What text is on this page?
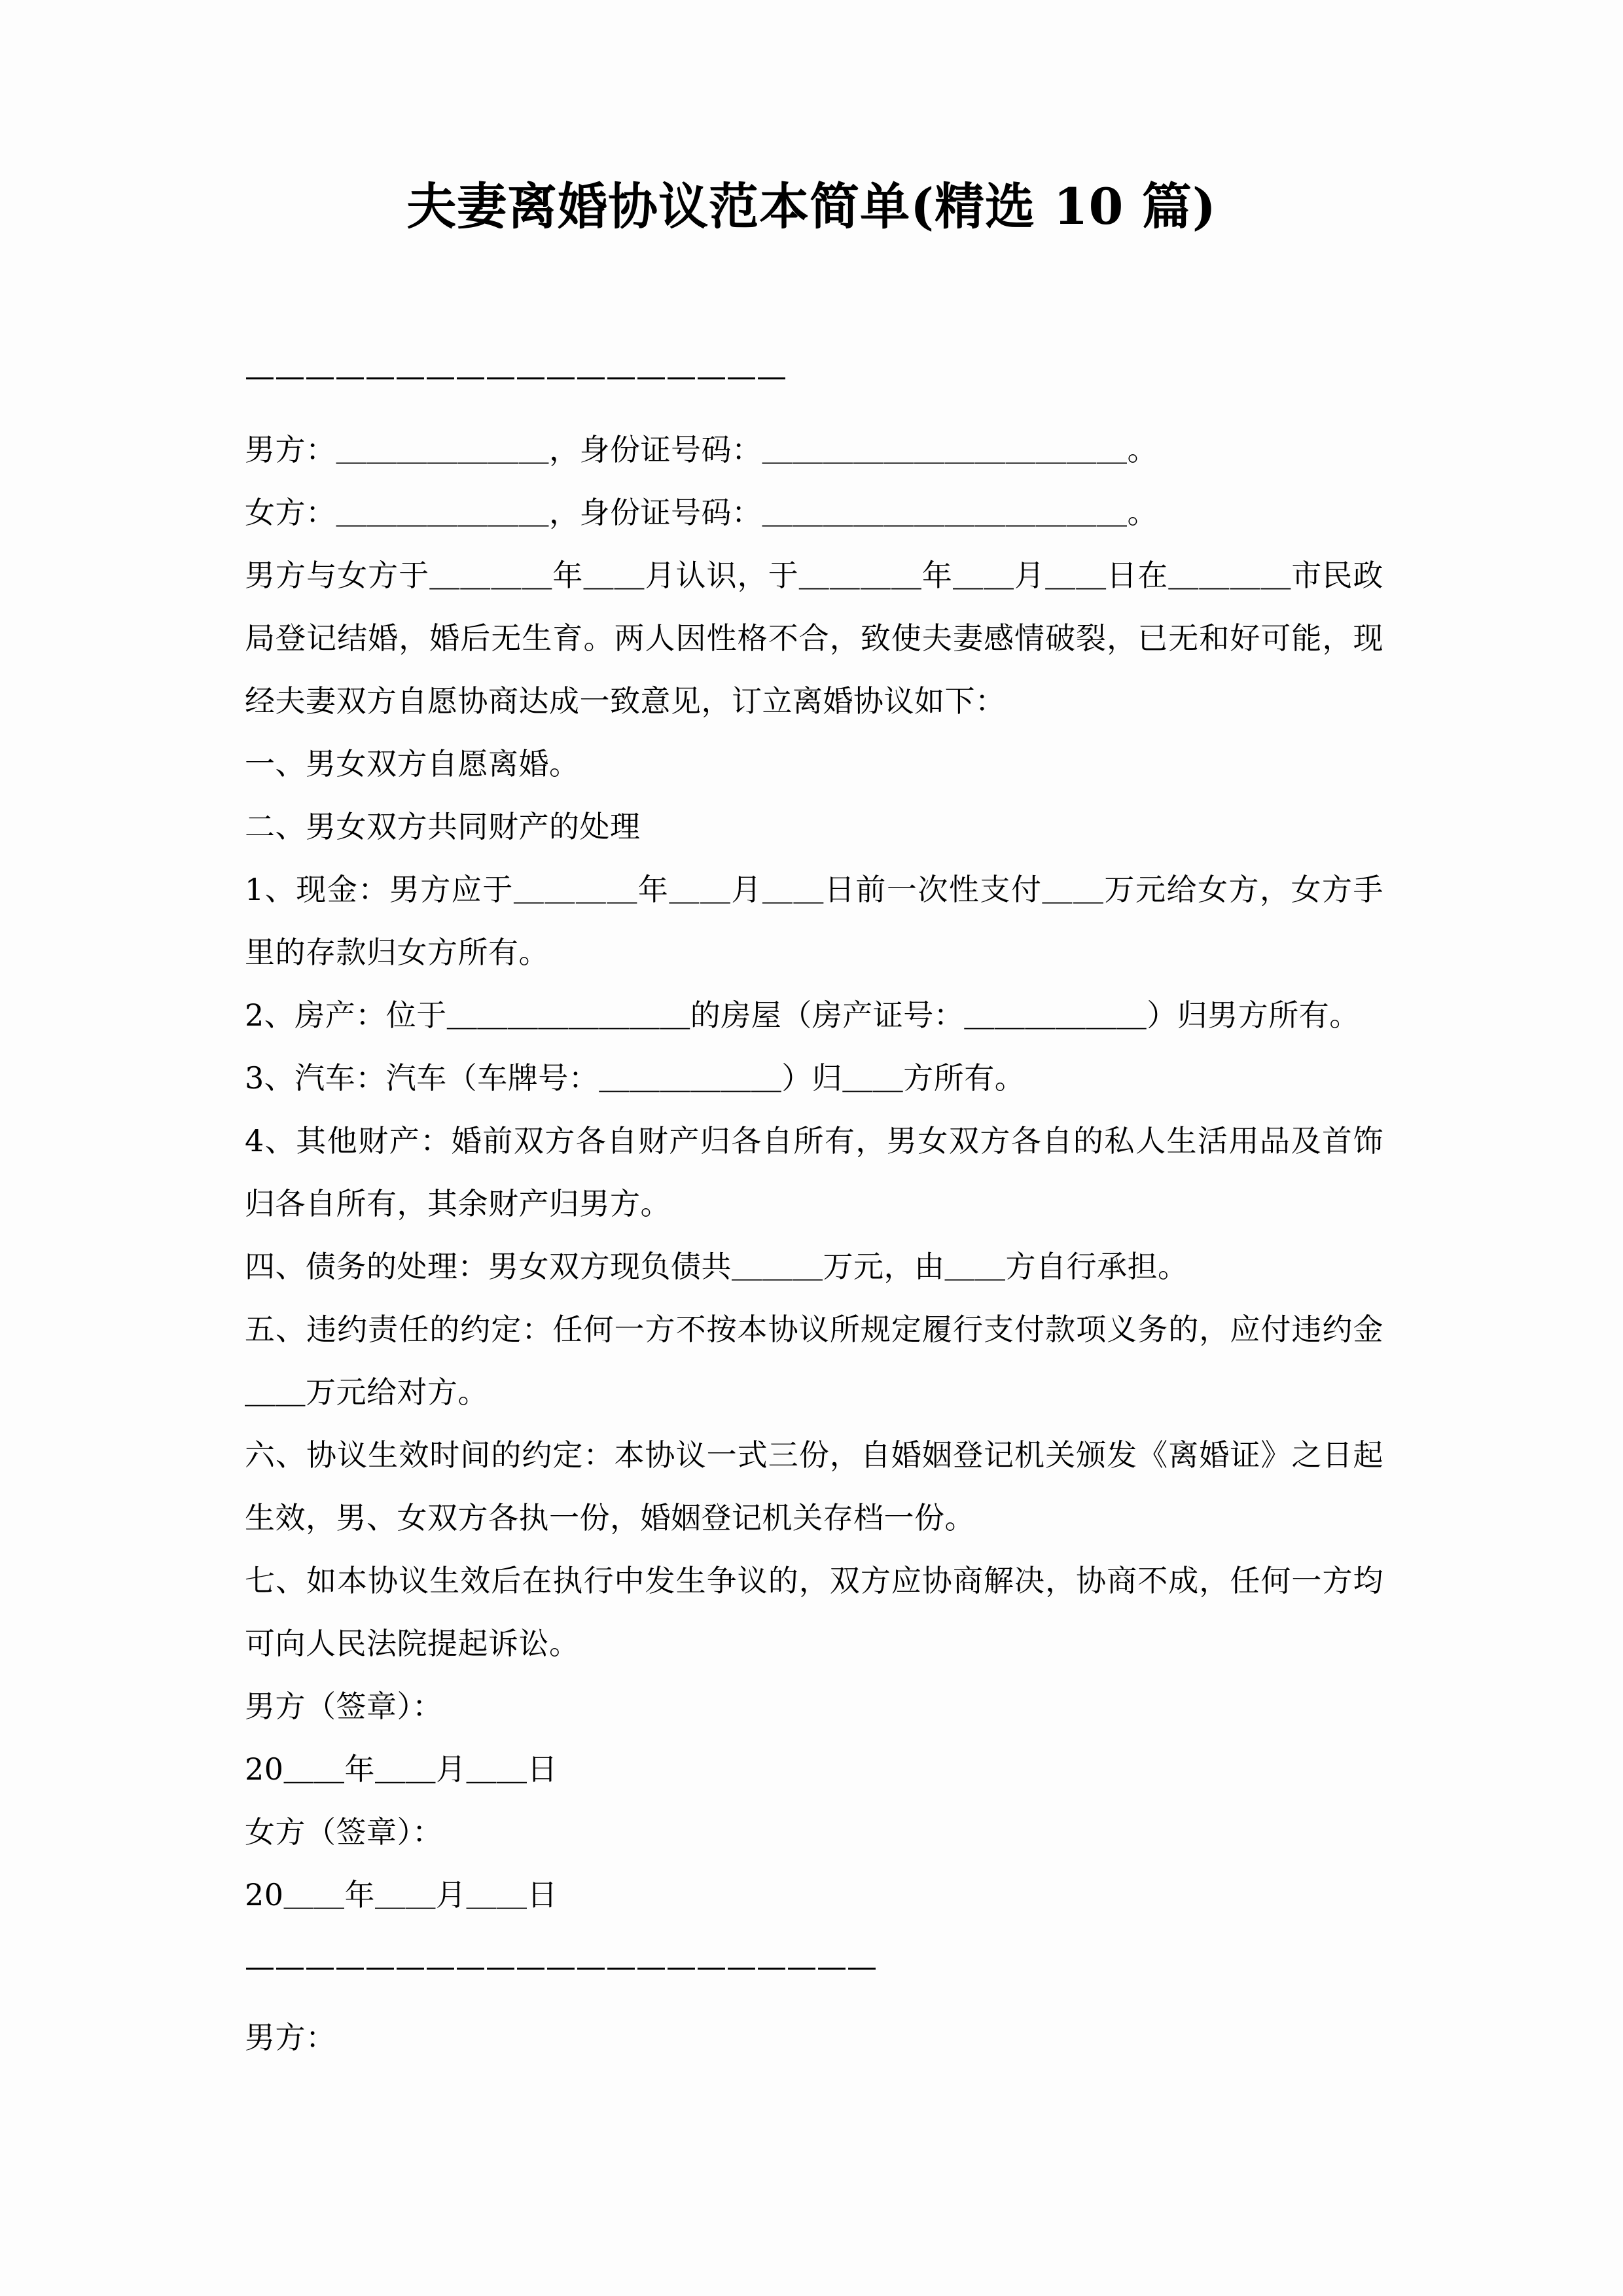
夫妻离婚协议范本简单(精选 10 篇)
——————————————————

男方：＿＿＿＿＿＿＿，身份证号码：＿＿＿＿＿＿＿＿＿＿＿＿。

女方：＿＿＿＿＿＿＿，身份证号码：＿＿＿＿＿＿＿＿＿＿＿＿。

男方与女方于＿＿＿＿年＿＿月认识，于＿＿＿＿年＿＿月＿＿日在＿＿＿＿市民政局登记结婚，婚后无生育。两人因性格不合，致使夫妻感情破裂，已无和好可能，现经夫妻双方自愿协商达成一致意见，订立离婚协议如下：

一、男女双方自愿离婚。

二、男女双方共同财产的处理

1、现金：男方应于＿＿＿＿年＿＿月＿＿日前一次性支付＿＿万元给女方，女方手里的存款归女方所有。

2、房产：位于＿＿＿＿＿＿＿＿的房屋（房产证号：＿＿＿＿＿＿）归男方所有。

3、汽车：汽车（车牌号：＿＿＿＿＿＿）归＿＿方所有。

4、其他财产：婚前双方各自财产归各自所有，男女双方各自的私人生活用品及首饰归各自所有，其余财产归男方。

四、债务的处理：男女双方现负债共＿＿＿万元，由＿＿方自行承担。

五、违约责任的约定：任何一方不按本协议所规定履行支付款项义务的，应付违约金＿＿万元给对方。

六、协议生效时间的约定：本协议一式三份，自婚姻登记机关颁发《离婚证》之日起生效，男、女双方各执一份，婚姻登记机关存档一份。

七、如本协议生效后在执行中发生争议的，双方应协商解决，协商不成，任何一方均可向人民法院提起诉讼。

男方（签章）：

20＿＿年＿＿月＿＿日

女方（签章）：

20＿＿年＿＿月＿＿日

—————————————————————

男方：
